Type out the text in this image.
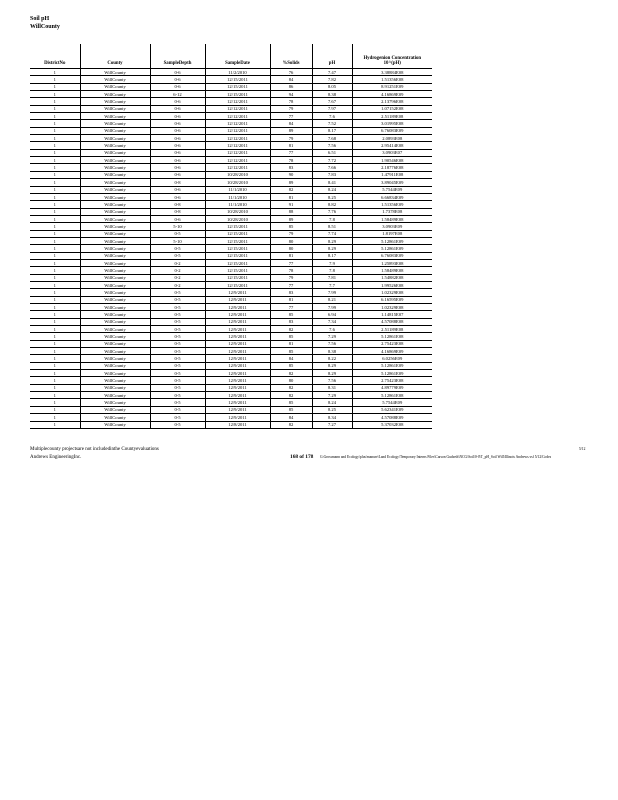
Soil pH
WillCounty
DistrictNo	County	SampleDepth	SampleDate	%Solids	pH	Hydrogenion Concentration
10^(pH)

1	WillCounty	0-6	11/2/2010	76	7.47	3.38884E08
1	WillCounty	0-6	12/15/2011	84	7.82	1.51356E08
1	WillCounty	0-6	12/15/2011	86	8.05	8.91251E09
1	WillCounty	6-12	12/15/2011	94	8.38	4.16869E09
1	WillCounty	0-6	12/12/2011	78	7.67	2.13796E08
1	WillCounty	0-6	12/12/2011	79	7.97	1.07152E08
1	WillCounty	0-6	12/12/2011	77	7.6	2.51189E08
1	WillCounty	0-6	12/12/2011	84	7.52	3.01995E08
1	WillCounty	0-6	12/12/2011	89	8.17	6.76083E09
1	WillCounty	0-6	12/12/2011	79	7.68	2.0893E08
1	WillCounty	0-6	12/12/2011	81	7.56	2.95414E08
1	WillCounty	0-6	12/12/2011	77	6.51	3.0903E07
1	WillCounty	0-6	12/12/2011	78	7.72	1.90546E08
1	WillCounty	0-6	12/12/2011	83	7.66	2.18776E08
1	WillCounty	0-6	10/28/2010	90	7.83	1.47911E08
1	WillCounty	0-8	10/28/2010	89	8.41	3.89045E09
1	WillCounty	0-6	11/1/2010	82	8.24	5.7544E09
1	WillCounty	0-6	11/1/2010	81	8.25	6.66834E09
1	WillCounty	0-8	11/1/2010	91	8.82	1.51356E09
1	WillCounty	0-8	10/28/2010	88	7.76	1.7378E08
1	WillCounty	0-6	10/28/2010	89	7.8	1.58489E08
1	WillCounty	5-10	12/15/2011	85	8.51	3.0903E09
1	WillCounty	0-5	12/15/2011	79	7.74	1.8197E08
1	WillCounty	5-10	12/15/2011	80	8.29	5.12861E09
1	WillCounty	0-5	12/15/2011	80	8.29	5.12861E09
1	WillCounty	0-5	12/15/2011	81	8.17	6.76083E09
1	WillCounty	0-2	12/15/2011	77	7.9	1.25893E08
1	WillCounty	0-2	12/15/2011	78	7.8	1.58489E08
1	WillCounty	0-2	12/15/2011	79	7.81	1.54882E08
1	WillCounty	0-2	12/15/2011	77	7.7	1.99526E08
1	WillCounty	0-5	12/9/2011	83	7.99	1.02329E08
1	WillCounty	0-5	12/9/2011	81	8.21	6.16595E09
1	WillCounty	0-5	12/9/2011	77	7.99	1.02329E08
1	WillCounty	0-5	12/9/2011	85	6.94	1.14815E07
1	WillCounty	0-5	12/9/2011	83	7.34	4.57088E08
1	WillCounty	0-5	12/9/2011	82	7.6	2.51189E08
1	WillCounty	0-5	12/9/2011	85	7.29	5.12861E08
1	WillCounty	0-5	12/9/2011	81	7.56	2.75423E08
1	WillCounty	0-5	12/9/2011	85	8.38	4.16869E09
1	WillCounty	0-5	12/9/2011	84	8.22	6.0256E09
1	WillCounty	0-5	12/9/2011	85	8.29	5.12861E09
1	WillCounty	0-5	12/9/2011	82	8.29	5.12861E09
1	WillCounty	0-5	12/9/2011	80	7.56	2.75423E08
1	WillCounty	0-5	12/9/2011	82	8.31	4.89779E09
1	WillCounty	0-5	12/9/2011	82	7.29	5.12861E08
1	WillCounty	0-5	12/9/2011	85	8.24	5.7544E09
1	WillCounty	0-5	12/9/2011	85	8.25	5.62341E09
1	WillCounty	0-5	12/9/2011	84	8.34	4.57088E09
1	WillCounty	0-5	12/8/2011	82	7.27	5.37032E08
Multiplecounty projectsare not includedinthe Countyevaluations
Andrews EngineeringInc.	168 of 178 G:Grossmann and Ecology\plus\manure\Land Ecology\Temporary Interns Files\Carson Gudseth\NCG\Soil\0-0\T_pH_Soil Will\Illinois Andrews.vsf 5/12/Codes
5/12
